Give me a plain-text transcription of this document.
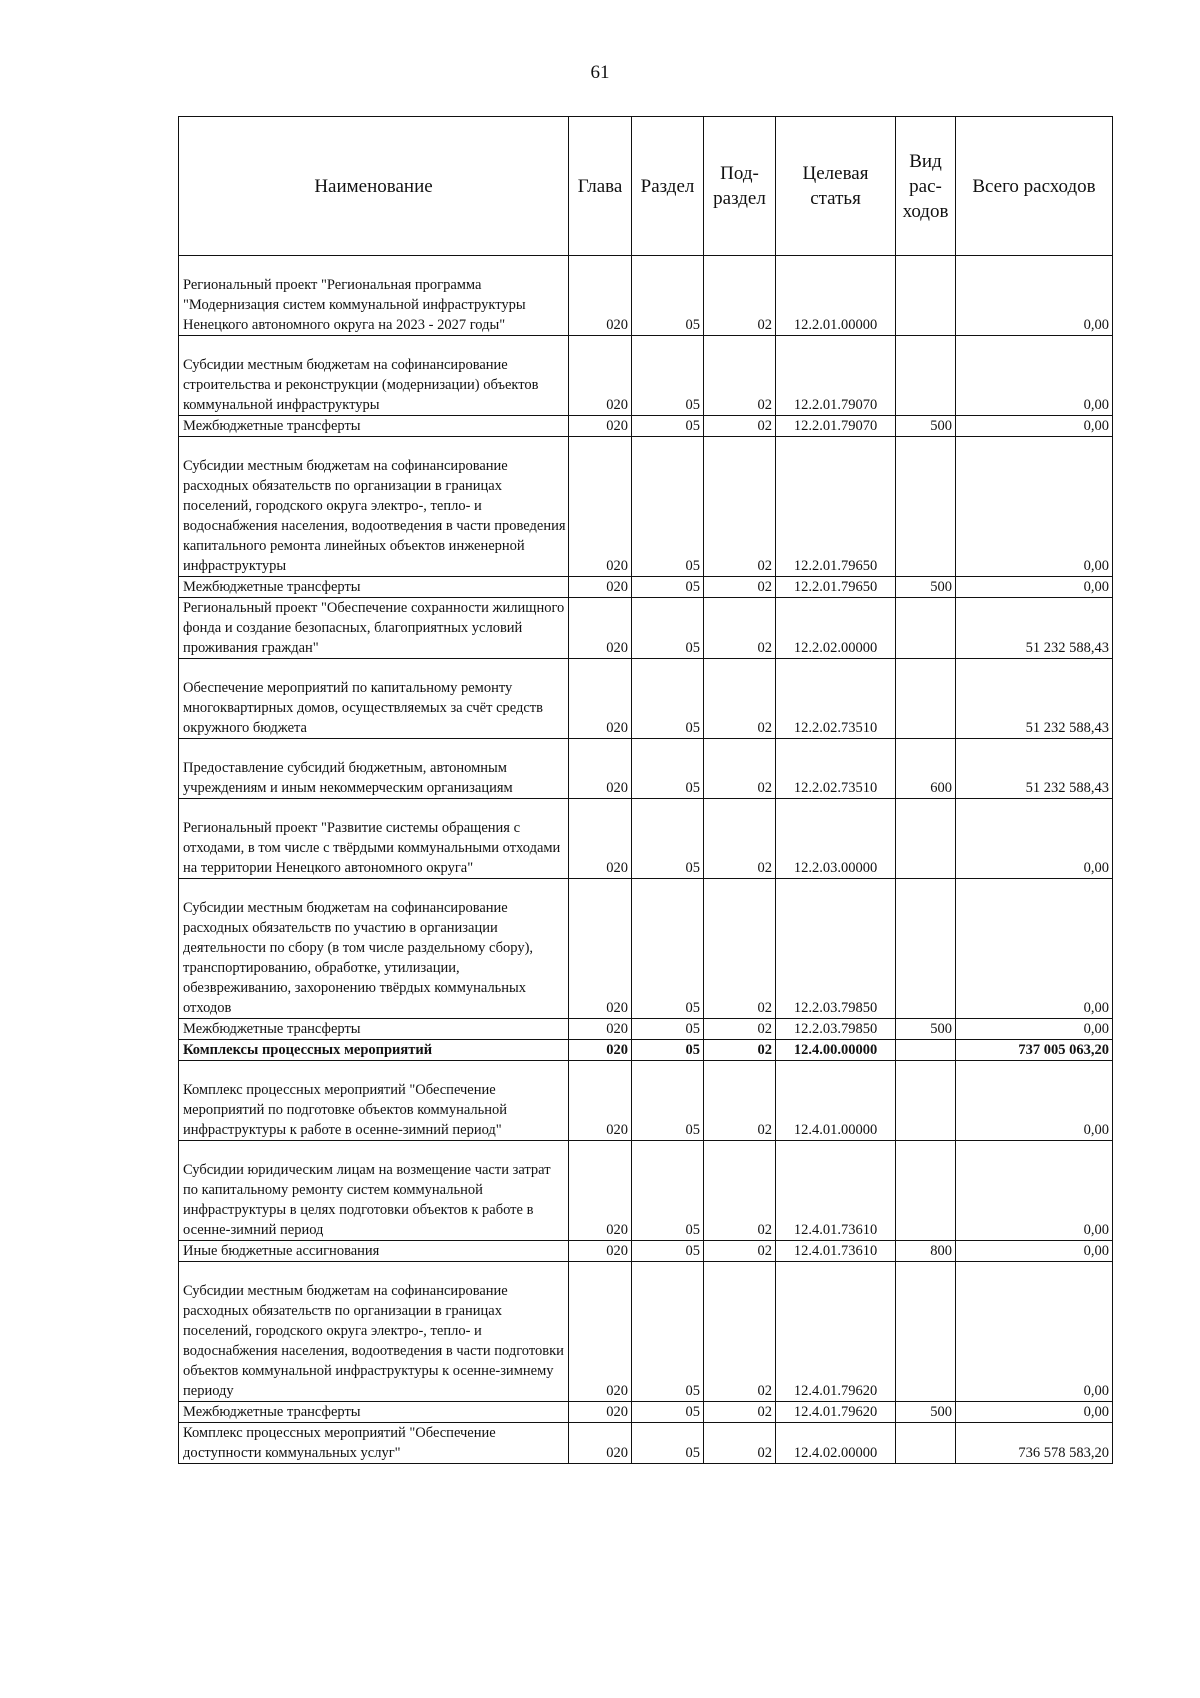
61
Наименование	Глава	Раздел	Под-раздел	Целевая статья	Вид рас-ходов	Всего расходов
Региональный проект "Региональная программа "Модернизация систем коммунальной инфраструктуры Ненецкого автономного округа на 2023 - 2027 годы"	020	05	02	12.2.01.00000		0,00
Субсидии местным бюджетам на софинансирование строительства и реконструкции (модернизации) объектов коммунальной инфраструктуры	020	05	02	12.2.01.79070		0,00
Межбюджетные трансферты	020	05	02	12.2.01.79070	500	0,00
Субсидии местным бюджетам на софинансирование расходных обязательств по организации в границах поселений, городского округа электро-, тепло- и водоснабжения населения, водоотведения в части проведения капитального ремонта линейных объектов инженерной инфраструктуры	020	05	02	12.2.01.79650		0,00
Межбюджетные трансферты	020	05	02	12.2.01.79650	500	0,00
Региональный проект "Обеспечение сохранности жилищного фонда и создание безопасных, благоприятных условий проживания граждан"	020	05	02	12.2.02.00000		51 232 588,43
Обеспечение мероприятий по капитальному ремонту многоквартирных домов, осуществляемых за счёт средств окружного бюджета	020	05	02	12.2.02.73510		51 232 588,43
Предоставление субсидий бюджетным, автономным учреждениям и иным некоммерческим организациям	020	05	02	12.2.02.73510	600	51 232 588,43
Региональный проект "Развитие системы обращения с отходами, в том числе с твёрдыми коммунальными отходами на территории Ненецкого автономного округа"	020	05	02	12.2.03.00000		0,00
Субсидии местным бюджетам на софинансирование расходных обязательств по участию в организации деятельности по сбору (в том числе раздельному сбору), транспортированию, обработке, утилизации, обезвреживанию, захоронению твёрдых коммунальных отходов	020	05	02	12.2.03.79850		0,00
Межбюджетные трансферты	020	05	02	12.2.03.79850	500	0,00
Комплексы процессных мероприятий	020	05	02	12.4.00.00000		737 005 063,20
Комплекс процессных мероприятий "Обеспечение мероприятий по подготовке объектов коммунальной инфраструктуры к работе в осенне-зимний период"	020	05	02	12.4.01.00000		0,00
Субсидии юридическим лицам на возмещение части затрат по капитальному ремонту систем коммунальной инфраструктуры в целях подготовки объектов к работе в осенне-зимний период	020	05	02	12.4.01.73610		0,00
Иные бюджетные ассигнования	020	05	02	12.4.01.73610	800	0,00
Субсидии местным бюджетам на софинансирование расходных обязательств по организации в границах поселений, городского округа электро-, тепло- и водоснабжения населения, водоотведения в части подготовки объектов коммунальной инфраструктуры к осенне-зимнему периоду	020	05	02	12.4.01.79620		0,00
Межбюджетные трансферты	020	05	02	12.4.01.79620	500	0,00
Комплекс процессных мероприятий "Обеспечение доступности коммунальных услуг"	020	05	02	12.4.02.00000		736 578 583,20
